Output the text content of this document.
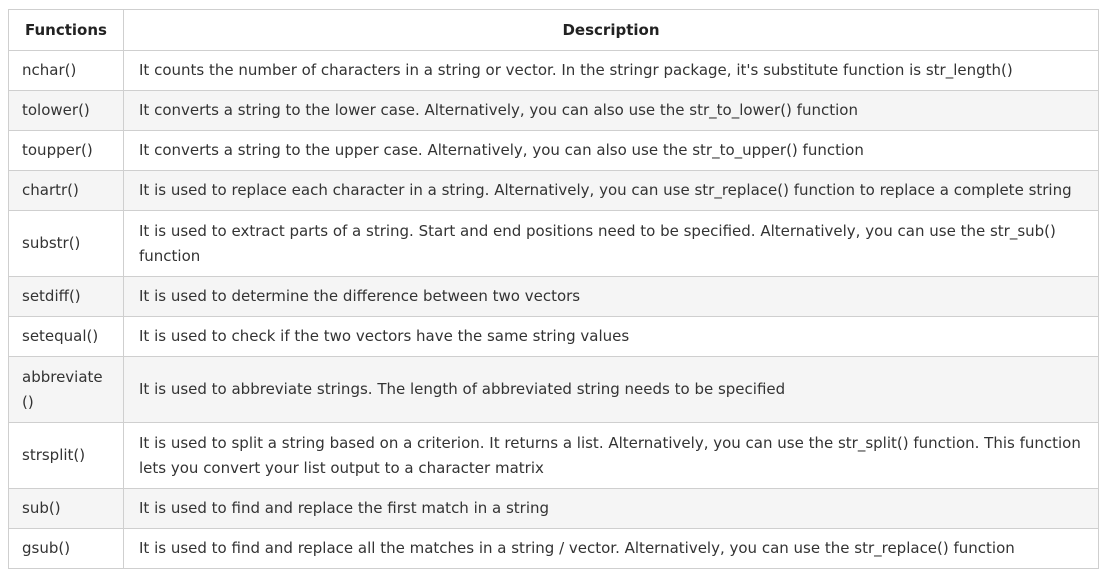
Functions	Description
nchar()	It counts the number of characters in a string or vector. In the stringr package, it's substitute function is str_length()
tolower()	It converts a string to the lower case. Alternatively, you can also use the str_to_lower() function
toupper()	It converts a string to the upper case. Alternatively, you can also use the str_to_upper() function
chartr()	It is used to replace each character in a string. Alternatively, you can use str_replace() function to replace a complete string
substr()	It is used to extract parts of a string. Start and end positions need to be specified. Alternatively, you can use the str_sub() function
setdiff()	It is used to determine the difference between two vectors
setequal()	It is used to check if the two vectors have the same string values
abbreviate ()	It is used to abbreviate strings. The length of abbreviated string needs to be specified
strsplit()	It is used to split a string based on a criterion. It returns a list. Alternatively, you can use the str_split() function. This function lets you convert your list output to a character matrix
sub()	It is used to find and replace the first match in a string
gsub()	It is used to find and replace all the matches in a string / vector. Alternatively, you can use the str_replace() function
